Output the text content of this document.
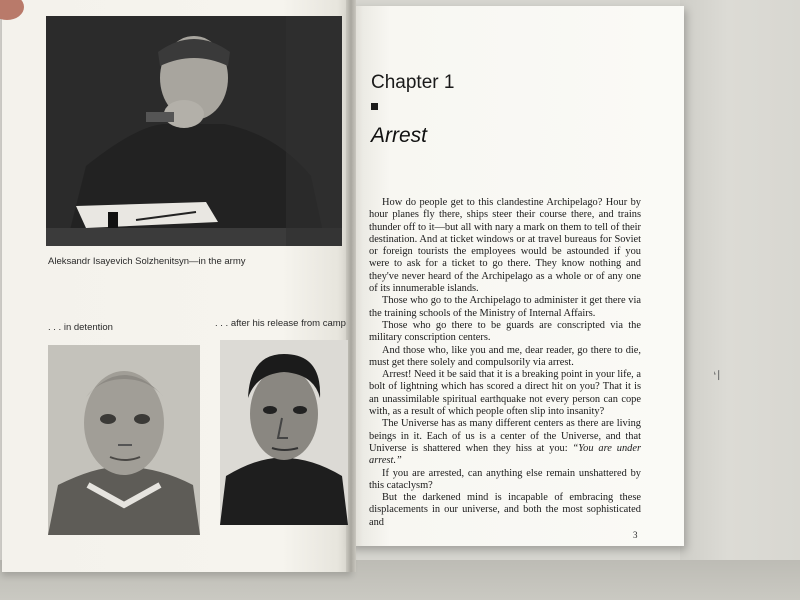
‘/
Aleksandr Isayevich Solzhenitsyn—in the army
. . . in detention	. . . after his release from camp
Chapter 1
Arrest

How do people get to this clandestine Archipelago? Hour by hour planes fly there, ships steer their course there, and trains thunder off to it—but all with nary a mark on them to tell of their destination. And at ticket windows or at travel bureaus for Soviet or foreign tourists the employees would be astounded if you were to ask for a ticket to go there. They know nothing and they've never heard of the Archipelago as a whole or of any one of its innumerable islands.

Those who go to the Archipelago to administer it get there via the training schools of the Ministry of Internal Affairs.

Those who go there to be guards are conscripted via the military conscription centers.

And those who, like you and me, dear reader, go there to die, must get there solely and compulsorily via arrest.

Arrest! Need it be said that it is a breaking point in your life, a bolt of lightning which has scored a direct hit on you? That it is an unassimilable spiritual earthquake not every person can cope with, as a result of which people often slip into insanity?

The Universe has as many different centers as there are living beings in it. Each of us is a center of the Universe, and that Universe is shattered when they hiss at you: “You are under arrest.”

If you are arrested, can anything else remain unshattered by this cataclysm?

But the darkened mind is incapable of embracing these displacements in our universe, and both the most sophisticated and

3
